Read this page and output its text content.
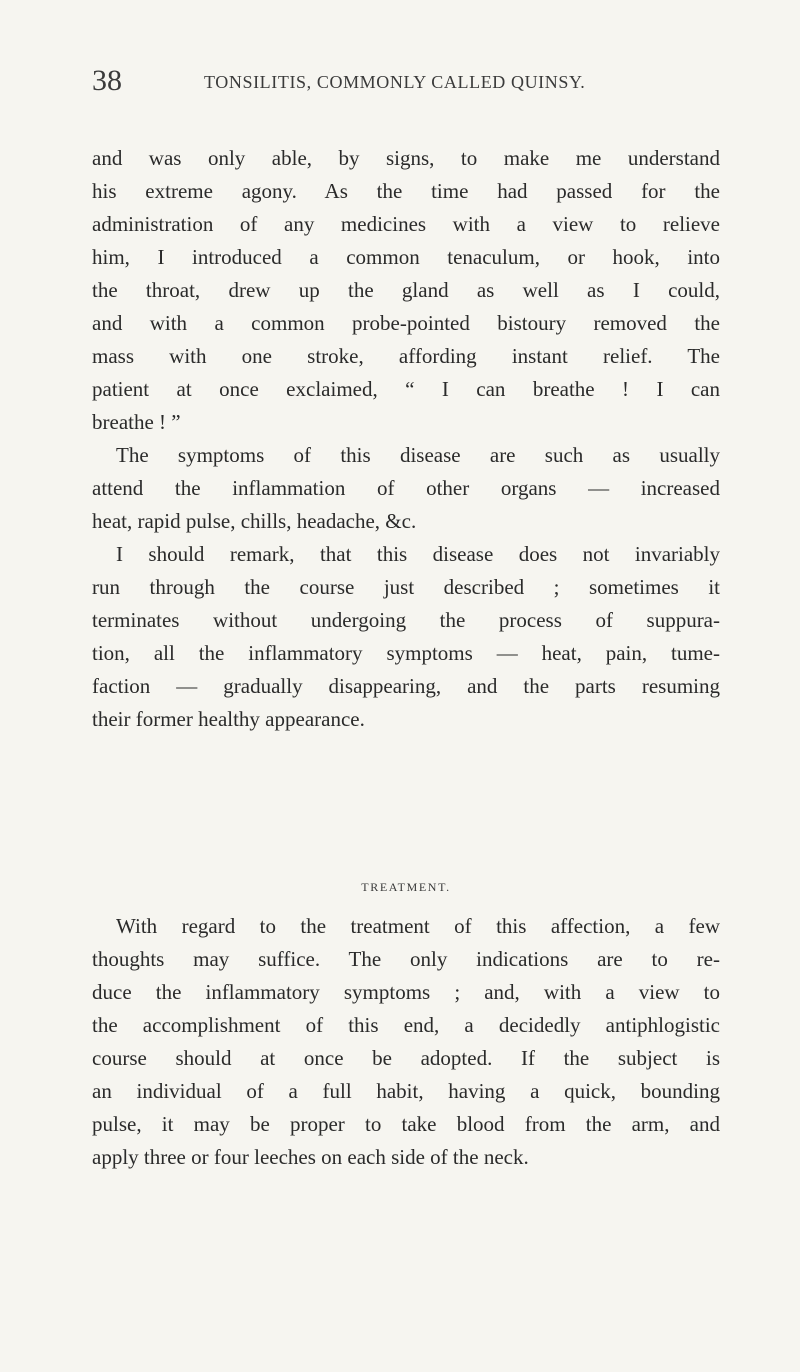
38	TONSILITIS, COMMONLY CALLED QUINSY.
and was only able, by signs, to make me understand
his extreme agony. As the time had passed for the
administration of any medicines with a view to relieve
him, I introduced a common tenaculum, or hook, into
the throat, drew up the gland as well as I could,
and with a common probe-pointed bistoury removed the
mass with one stroke, affording instant relief. The
patient at once exclaimed, “ I can breathe ! I can
breathe ! ”
The symptoms of this disease are such as usually
attend the inflammation of other organs — increased
heat, rapid pulse, chills, headache, &c.
I should remark, that this disease does not invariably
run through the course just described ; sometimes it
terminates without undergoing the process of suppura-
tion, all the inflammatory symptoms — heat, pain, tume-
faction — gradually disappearing, and the parts resuming
their former healthy appearance.
TREATMENT.
With regard to the treatment of this affection, a few
thoughts may suffice. The only indications are to re-
duce the inflammatory symptoms ; and, with a view to
the accomplishment of this end, a decidedly antiphlogistic
course should at once be adopted. If the subject is
an individual of a full habit, having a quick, bounding
pulse, it may be proper to take blood from the arm, and
apply three or four leeches on each side of the neck.
